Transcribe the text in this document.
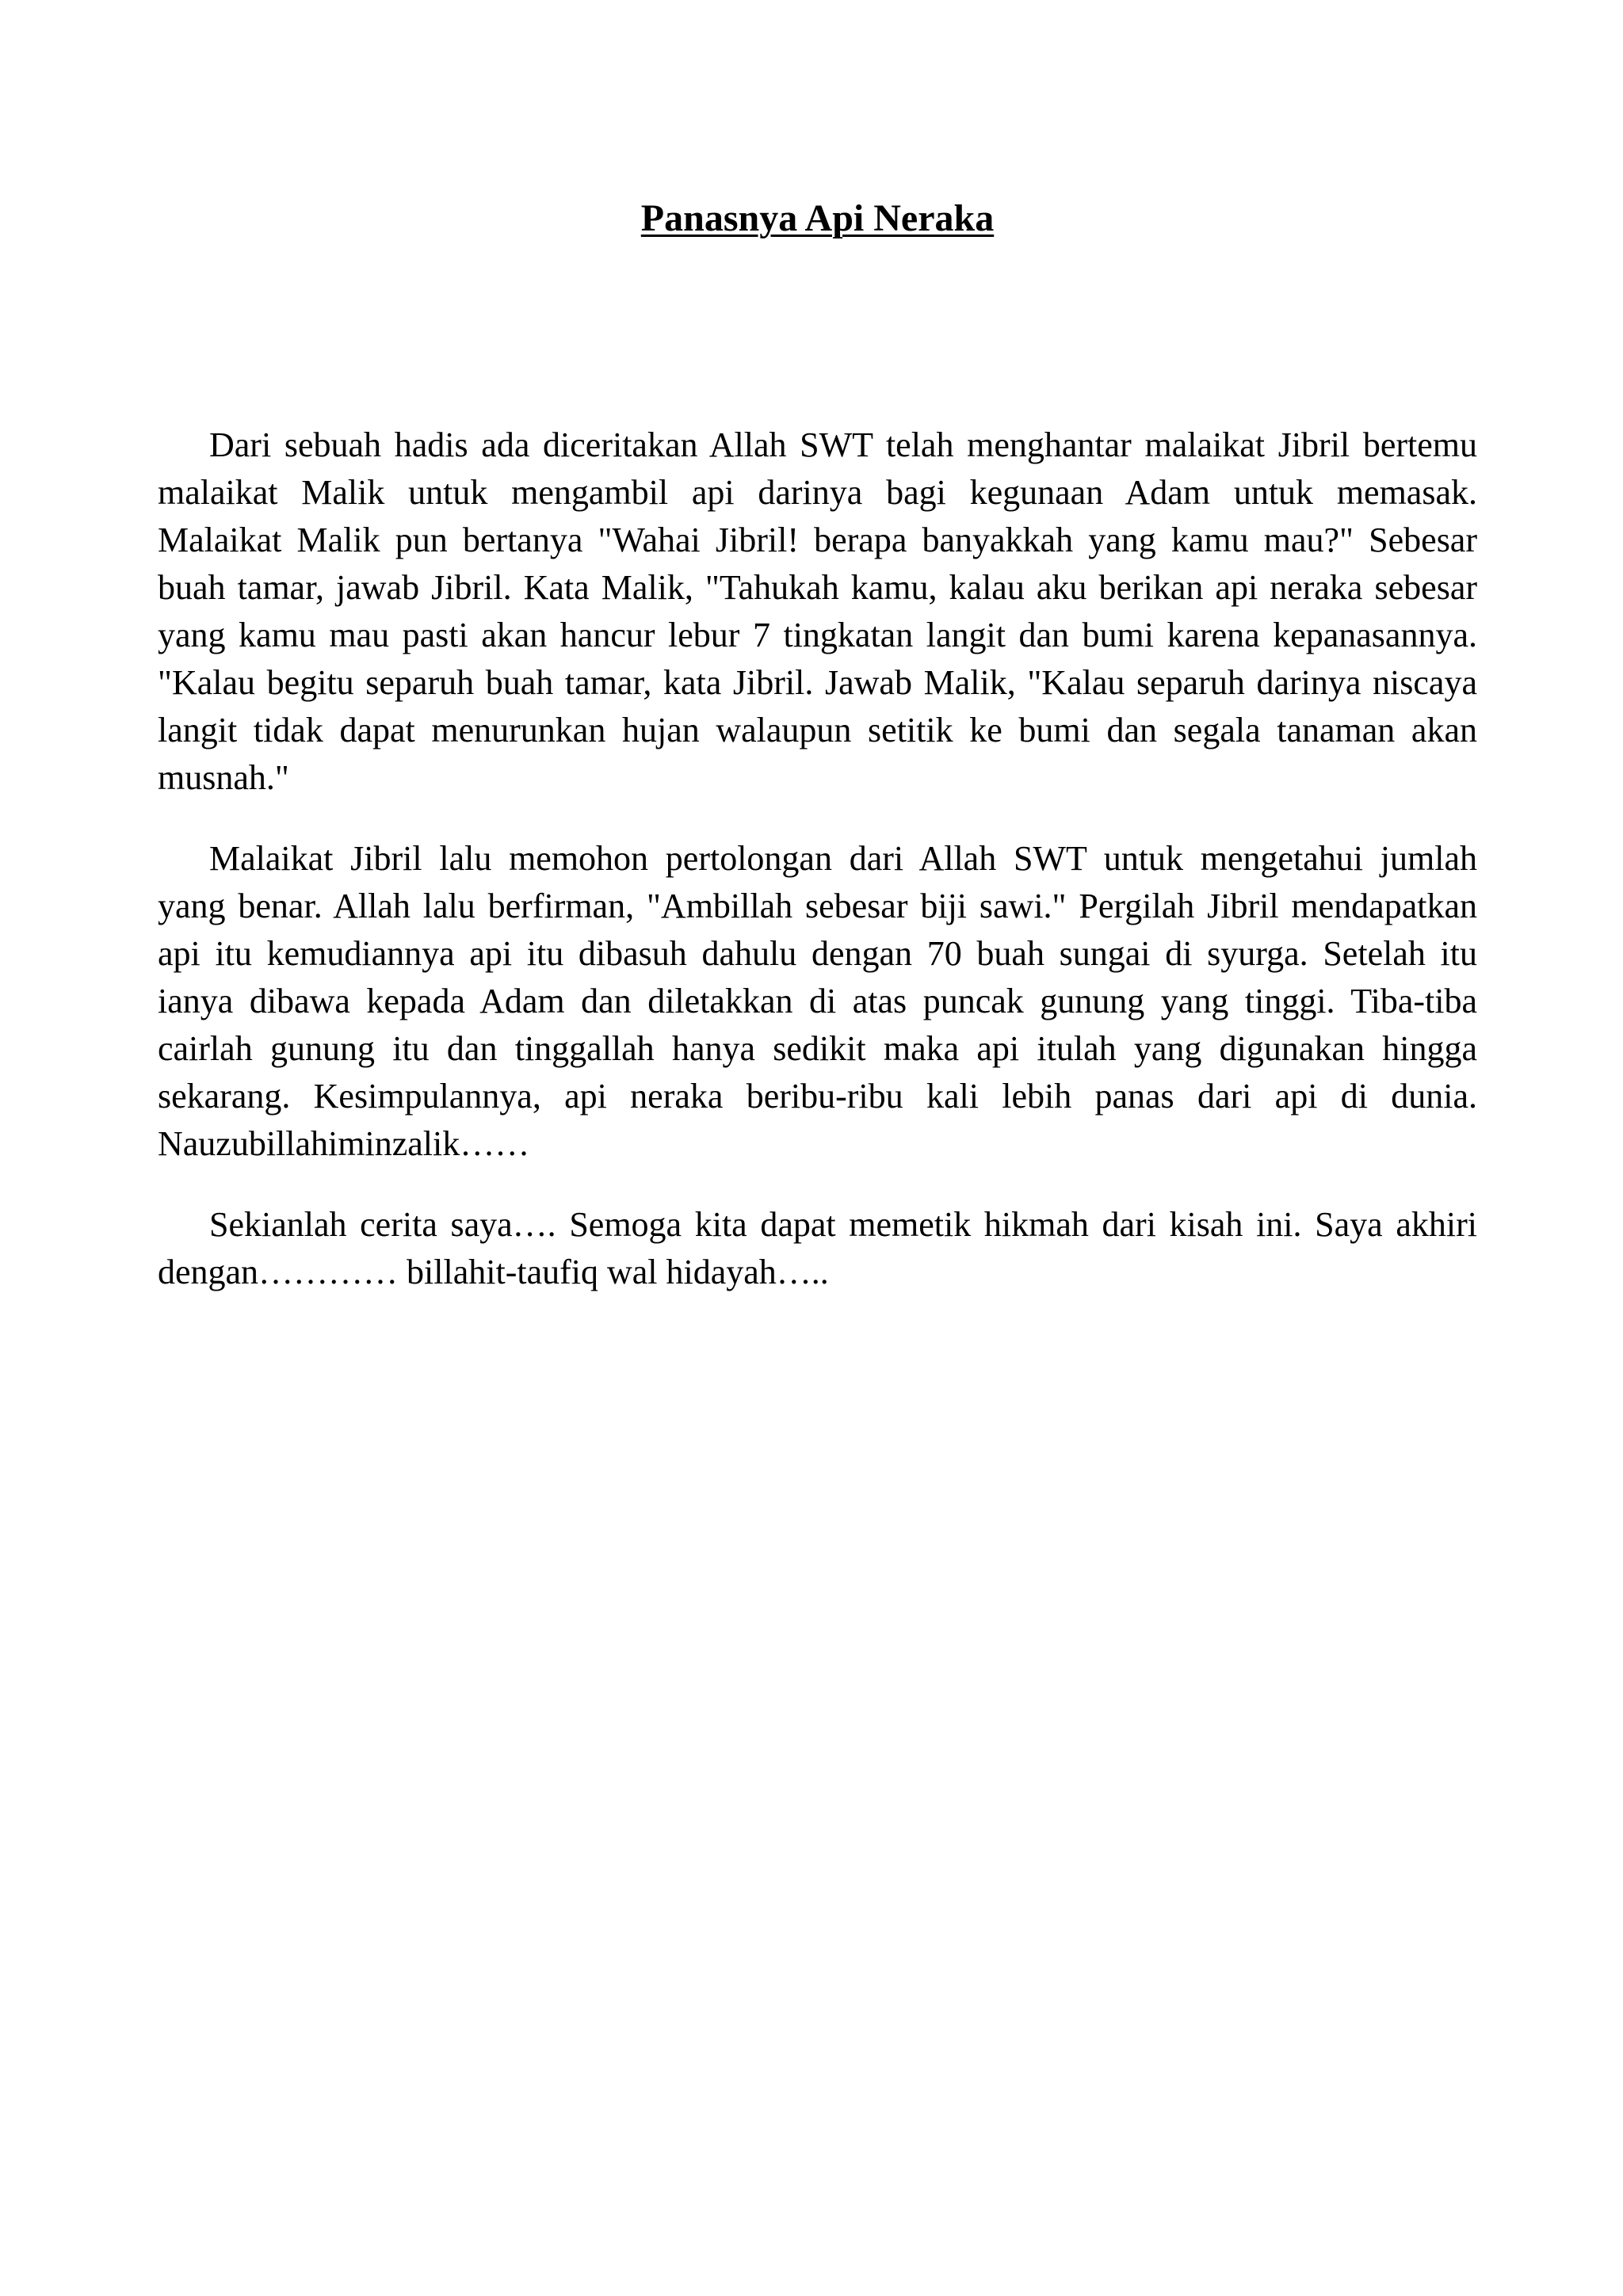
Panasnya Api Neraka

Dari sebuah hadis ada diceritakan Allah SWT telah menghantar malaikat Jibril bertemu
malaikat Malik untuk mengambil api darinya bagi kegunaan Adam untuk memasak.
Malaikat Malik pun bertanya "Wahai Jibril! berapa banyakkah yang kamu mau?" Sebesar
buah tamar, jawab Jibril. Kata Malik, "Tahukah kamu, kalau aku berikan api neraka sebesar
yang kamu mau pasti akan hancur lebur 7 tingkatan langit dan bumi karena kepanasannya.
"Kalau begitu separuh buah tamar, kata Jibril. Jawab Malik, "Kalau separuh darinya niscaya
langit tidak dapat menurunkan hujan walaupun setitik ke bumi dan segala tanaman akan
musnah."

Malaikat Jibril lalu memohon pertolongan dari Allah SWT untuk mengetahui jumlah
yang benar. Allah lalu berfirman, "Ambillah sebesar biji sawi." Pergilah Jibril mendapatkan
api itu kemudiannya api itu dibasuh dahulu dengan 70 buah sungai di syurga. Setelah itu
ianya dibawa kepada Adam dan diletakkan di atas puncak gunung yang tinggi. Tiba-tiba
cairlah gunung itu dan tinggallah hanya sedikit maka api itulah yang digunakan hingga
sekarang. Kesimpulannya, api neraka beribu-ribu kali lebih panas dari api di dunia.
Nauzubillahiminzalik……

Sekianlah cerita saya…. Semoga kita dapat memetik hikmah dari kisah ini. Saya akhiri
dengan………… billahit-taufiq wal hidayah…..
